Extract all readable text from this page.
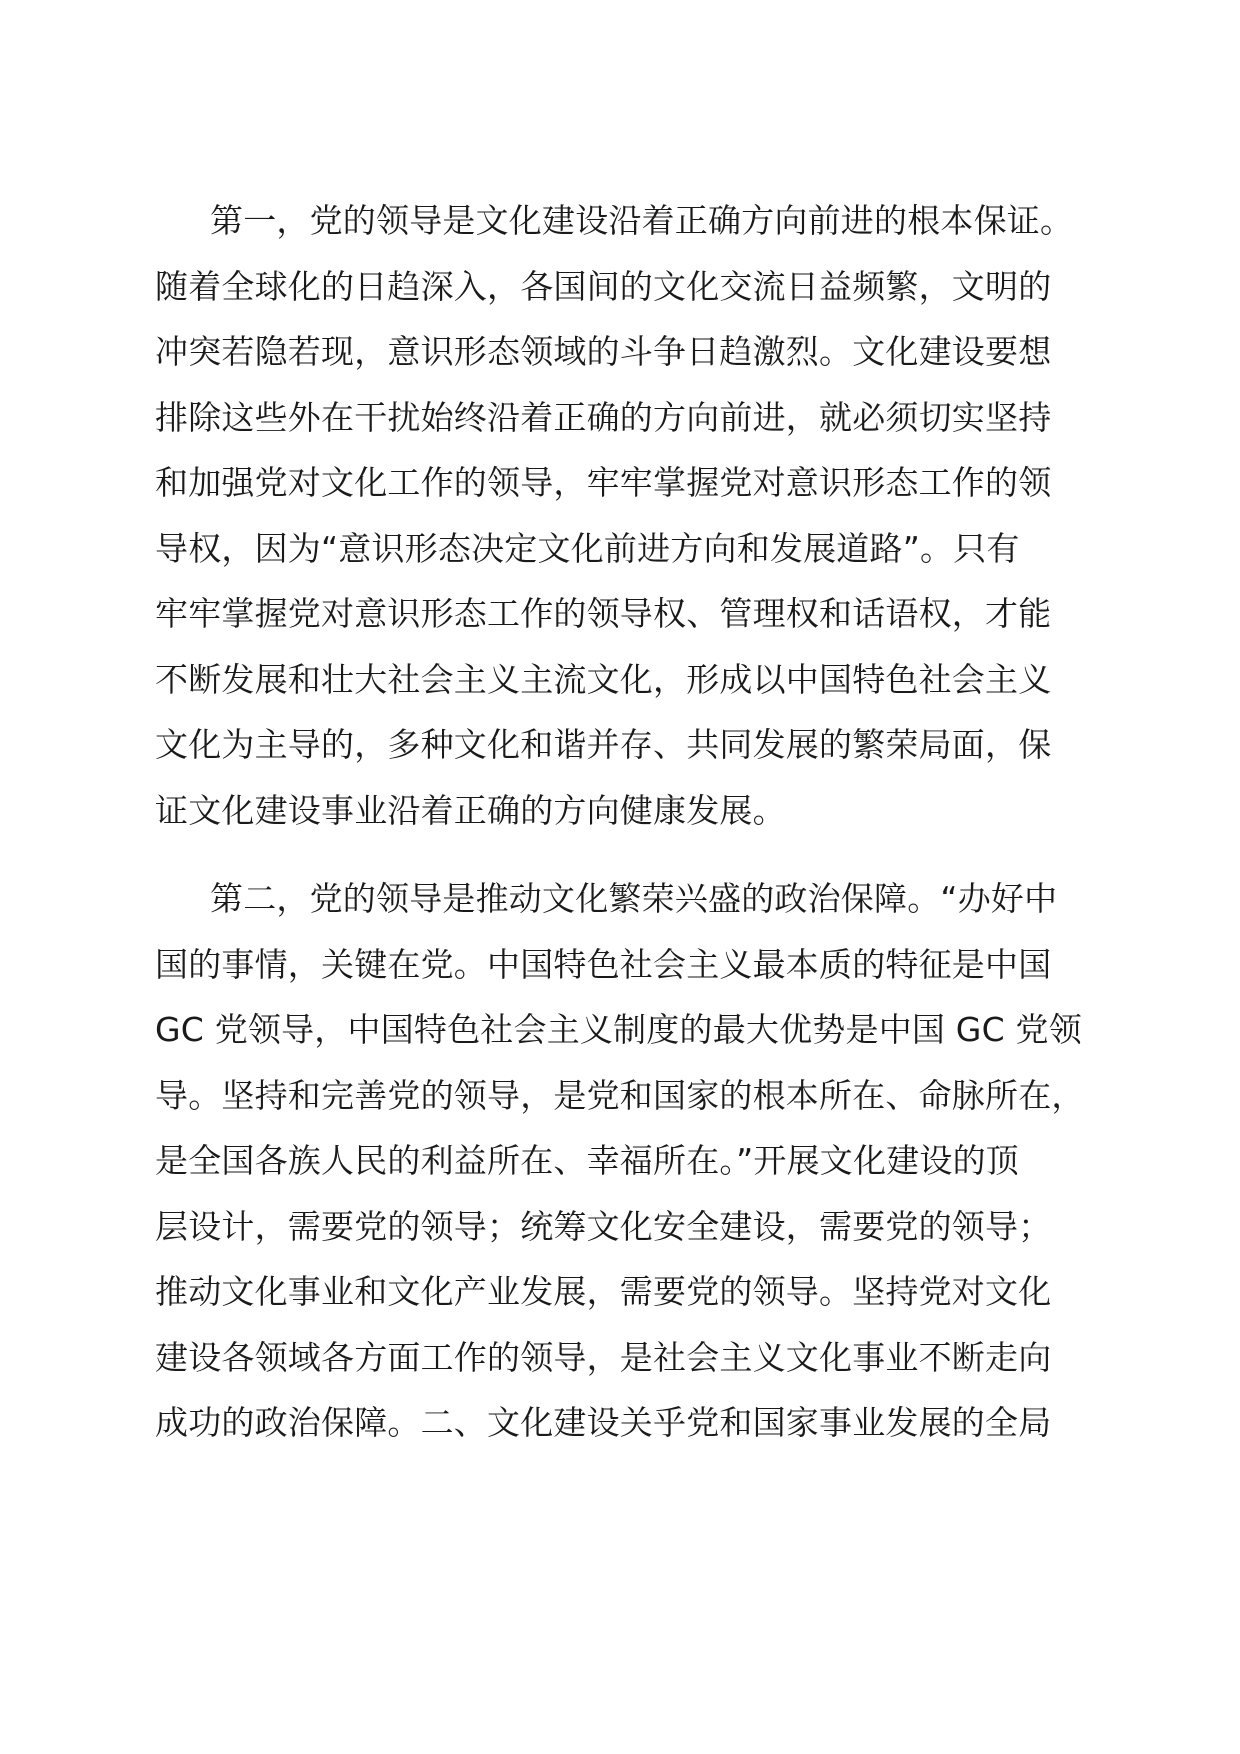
第一，党的领导是文化建设沿着正确方向前进的根本保证。
随着全球化的日趋深入，各国间的文化交流日益频繁，文明的
冲突若隐若现，意识形态领域的斗争日趋激烈。文化建设要想
排除这些外在干扰始终沿着正确的方向前进，就必须切实坚持
和加强党对文化工作的领导，牢牢掌握党对意识形态工作的领
导权，因为“意识形态决定文化前进方向和发展道路”。只有
牢牢掌握党对意识形态工作的领导权、管理权和话语权，才能
不断发展和壮大社会主义主流文化，形成以中国特色社会主义
文化为主导的，多种文化和谐并存、共同发展的繁荣局面，保
证文化建设事业沿着正确的方向健康发展。

第二，党的领导是推动文化繁荣兴盛的政治保障。“办好中
国的事情，关键在党。中国特色社会主义最本质的特征是中国
GC 党领导，中国特色社会主义制度的最大优势是中国 GC 党领
导。坚持和完善党的领导，是党和国家的根本所在、命脉所在，
是全国各族人民的利益所在、幸福所在。”开展文化建设的顶
层设计，需要党的领导；统筹文化安全建设，需要党的领导；
推动文化事业和文化产业发展，需要党的领导。坚持党对文化
建设各领域各方面工作的领导，是社会主义文化事业不断走向
成功的政治保障。二、文化建设关乎党和国家事业发展的全局
